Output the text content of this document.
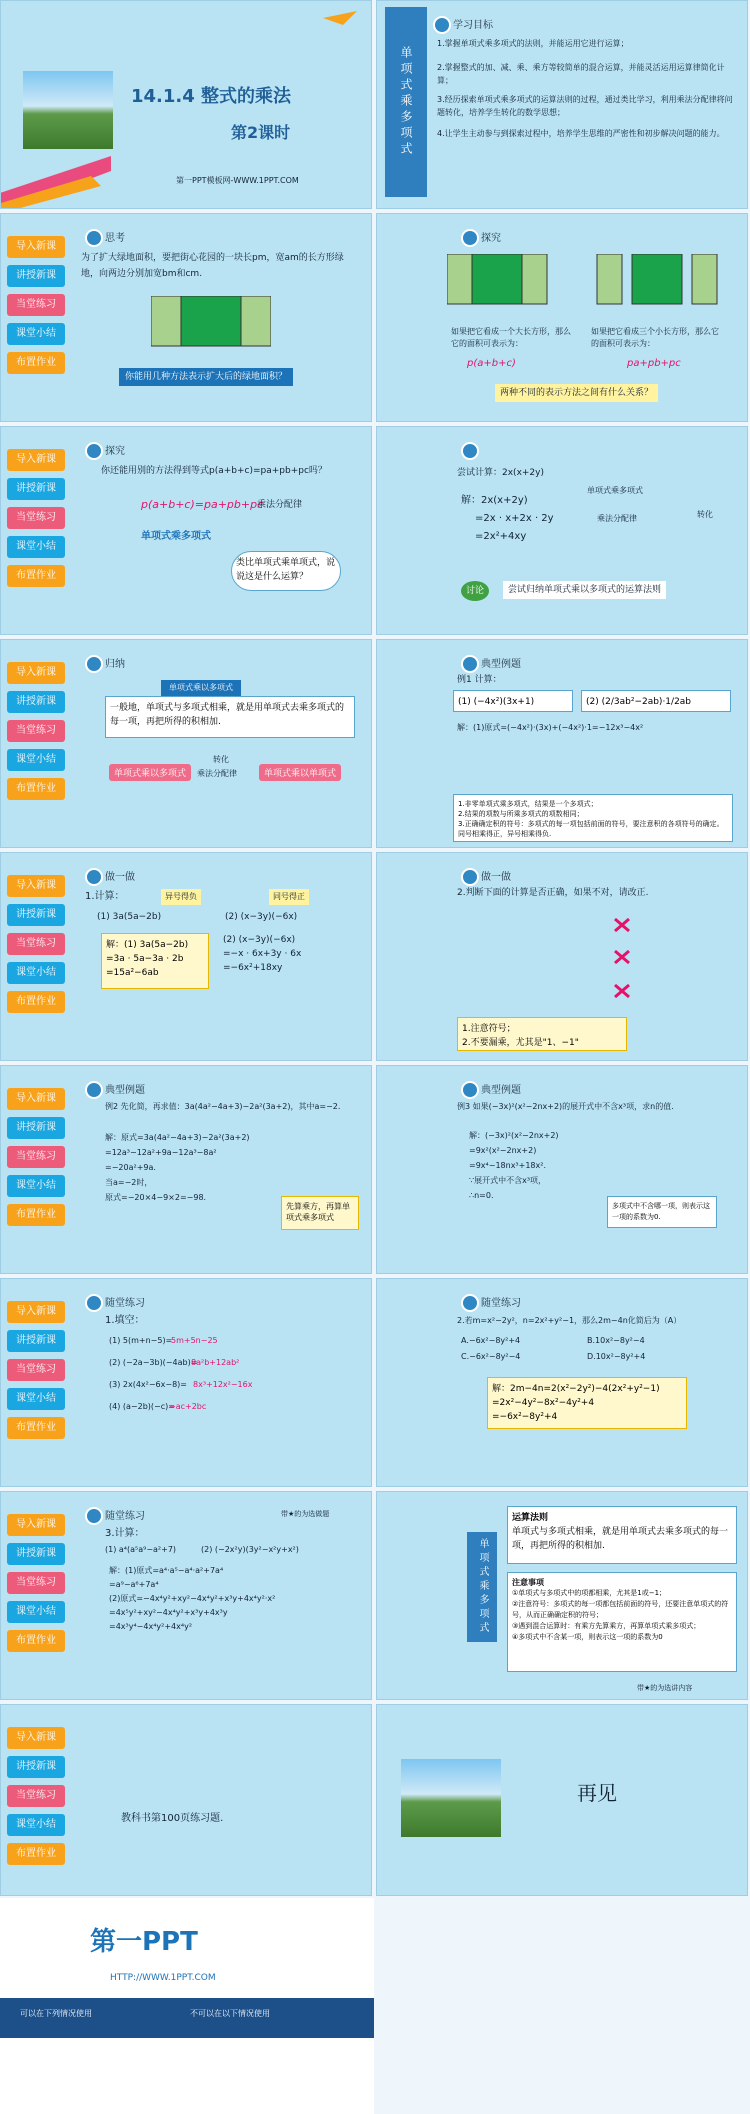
14.1.4 整式的乘法
第2课时
第一PPT模板网-WWW.1PPT.COM
单项式乘多项式
学习目标
1.掌握单项式乘多项式的法则，并能运用它进行运算；
2.掌握整式的加、减、乘、乘方等较简单的混合运算，并能灵活运用运算律简化计算；
3.经历探索单项式乘多项式的运算法则的过程，通过类比学习，利用乘法分配律将问题转化，培养学生转化的数学思想；
4.让学生主动参与到探索过程中，培养学生思维的严密性和初步解决问题的能力。
导入新课
讲授新课
当堂练习
课堂小结
布置作业
思考
为了扩大绿地面积，要把街心花园的一块长pm，宽am的长方形绿地，向两边分别加宽bm和cm.
你能用几种方法表示扩大后的绿地面积？
探究
如果把它看成一个大长方形，那么它的面积可表示为：
如果把它看成三个小长方形，那么它的面积可表示为：
p(a+b+c)	pa+pb+pc
两种不同的表示方法之间有什么关系？
导入新课
讲授新课
当堂练习
课堂小结
布置作业
探究
你还能用别的方法得到等式p(a+b+c)=pa+pb+pc吗？
p(a+b+c)=pa+pb+pc
乘法分配律
单项式乘多项式
类比单项式乘单项式，说说这是什么运算？
尝试计算：2x(x+2y)
解：2x(x+2y)
=2x · x+2x · 2y
=2x²+4xy
单项式乘多项式
乘法分配律	转化
讨论	尝试归纳单项式乘以多项式的运算法则
导入新课
讲授新课
当堂练习
课堂小结
布置作业
归纳
单项式乘以多项式
一般地，单项式与多项式相乘，就是用单项式去乘多项式的每一项，再把所得的积相加.
单项式乘以多项式
转化
乘法分配律	单项式乘以单项式
典型例题
例1 计算：
(1) (−4x²)(3x+1)	(2) (2/3ab²−2ab)·1/2ab
解：(1)原式=(−4x²)·(3x)+(−4x²)·1=−12x³−4x²
1.非零单项式乘多项式，结果是一个多项式；
2.结果的项数与所乘多项式的项数相同；
3.正确确定积的符号：多项式的每一项包括前面的符号，要注意积的各项符号的确定。同号相乘得正，异号相乘得负.
导入新课
讲授新课
当堂练习
课堂小结
布置作业
做一做
1.计算：	异号得负	同号得正
(1) 3a(5a−2b)	(2) (x−3y)(−6x)
解：(1) 3a(5a−2b)
=3a · 5a−3a · 2b
=15a²−6ab
(2) (x−3y)(−6x)
=−x · 6x+3y · 6x
=−6x²+18xy
做一做
2.判断下面的计算是否正确，如果不对，请改正.
1.注意符号；
2.不要漏乘，尤其是"1、−1"
导入新课
讲授新课
当堂练习
课堂小结
布置作业
典型例题
例2 先化简，再求值：3a(4a²−4a+3)−2a²(3a+2)，其中a=−2.
解：原式=3a(4a²−4a+3)−2a²(3a+2)
=12a³−12a²+9a−12a³−8a²
=−20a²+9a.
当a=−2时，
原式=−20×4−9×2=−98.
先算乘方，再算单项式乘多项式
典型例题
例3 如果(−3x)²(x²−2nx+2)的展开式中不含x³项，求n的值.
解：(−3x)²(x²−2nx+2)
=9x²(x²−2nx+2)
=9x⁴−18nx³+18x².
∵展开式中不含x³项，
∴n=0.
多项式中不含哪一项，则表示这一项的系数为0.
导入新课
讲授新课
当堂练习
课堂小结
布置作业
随堂练习
1.填空：
(1) 5(m+n−5)=
5m+5n−25
(2) (−2a−3b)(−4ab)=
8a²b+12ab²
(3) 2x(4x²−6x−8)= 8x³+12x²−16x
(4) (a−2b)(−c)=
−ac+2bc
随堂练习
2.若m=x²−2y²，n=2x²+y²−1，那么2m−4n化简后为（A）
A.−6x²−8y²+4	B.10x²−8y²−4
C.−6x²−8y²−4	D.10x²−8y²+4
解：2m−4n=2(x²−2y²)−4(2x²+y²−1)
=2x²−4y²−8x²−4y²+4
=−6x²−8y²+4
导入新课
讲授新课
当堂练习
课堂小结
布置作业
随堂练习	带★的为选做题
3.计算：
(1) a⁴(a⁵a⁹−a²+7)	(2) (−2x²y)(3y²−x²y+x²)
解：(1)原式=a⁴·a⁵−a⁴·a²+7a⁴
=a⁹−a⁶+7a⁴
(2)原式=−4x⁴y²+xy²−4x⁴y²+x³y+4x⁴y²·x²
=4x⁵y²+xy²−4x⁴y²+x³y+4x³y
=4x³y⁴−4x⁴y²+4x⁴y²	单项式乘多项式
运算法则
单项式与多项式相乘，就是用单项式去乘多项式的每一项，再把所得的积相加.
注意事项
①单项式与多项式中的项都相乘，尤其是1或−1；
②注意符号：多项式的每一项都包括前面的符号，还要注意单项式的符号，从而正确确定积的符号；
③遇到混合运算时：有乘方先算乘方，再算单项式乘多项式；
④多项式中不含某一项，则表示这一项的系数为0
带★的为选讲内容
导入新课
讲授新课
当堂练习
课堂小结
布置作业
教科书第100页练习题.
再见
第一PPT
HTTP://WWW.1PPT.COM
可以在下列情况使用	不可以在以下情况使用
